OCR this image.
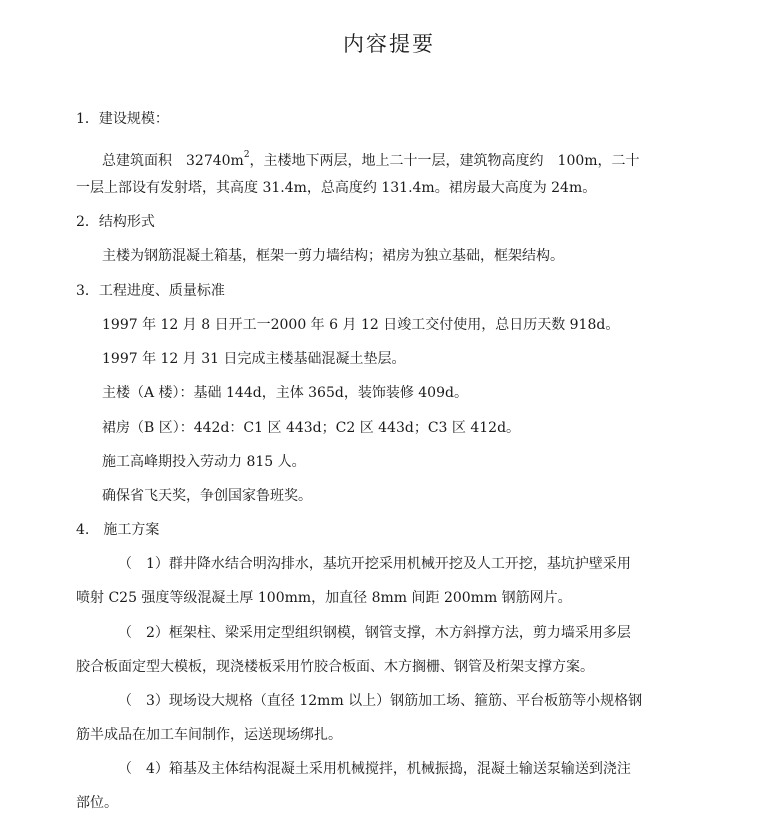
内容提要
1．建设规模：
总建筑面积　$32740m^2$，主楼地下两层，地上二十一层，建筑物高度约　100m，二十
一层上部设有发射塔，其高度 31.4m，总高度约 131.4m。裙房最大高度为 24m。
2．结构形式
主楼为钢筋混凝土箱基，框架一剪力墙结构；裙房为独立基础，框架结构。
3．工程进度、质量标准
1997 年 12 月 8 日开工一2000 年 6 月 12 日竣工交付使用，总日历天数 918d。
1997 年 12 月 31 日完成主楼基础混凝土垫层。
主楼（A 楼）：基础 144d，主体 365d，装饰装修 409d。
裙房（B 区）：442d：C1 区 443d；C2 区 443d；C3 区 412d。
施工高峰期投入劳动力 815 人。
确保省飞天奖，争创国家鲁班奖。
4.　施工方案
（　1）群井降水结合明沟排水，基坑开挖采用机械开挖及人工开挖，基坑护壁采用
喷射 C25 强度等级混凝土厚 100mm，加直径 8mm 间距 200mm 钢筋网片。
（　2）框架柱、梁采用定型组织钢模，钢管支撑，木方斜撑方法，剪力墙采用多层
胶合板面定型大模板，现浇楼板采用竹胶合板面、木方搁栅、钢管及桁架支撑方案。
（　3）现场设大规格（直径 12mm 以上）钢筋加工场、箍筋、平台板筋等小规格钢
筋半成品在加工车间制作，运送现场绑扎。
（　4）箱基及主体结构混凝土采用机械搅拌，机械振捣，混凝土输送泵输送到浇注
部位。
